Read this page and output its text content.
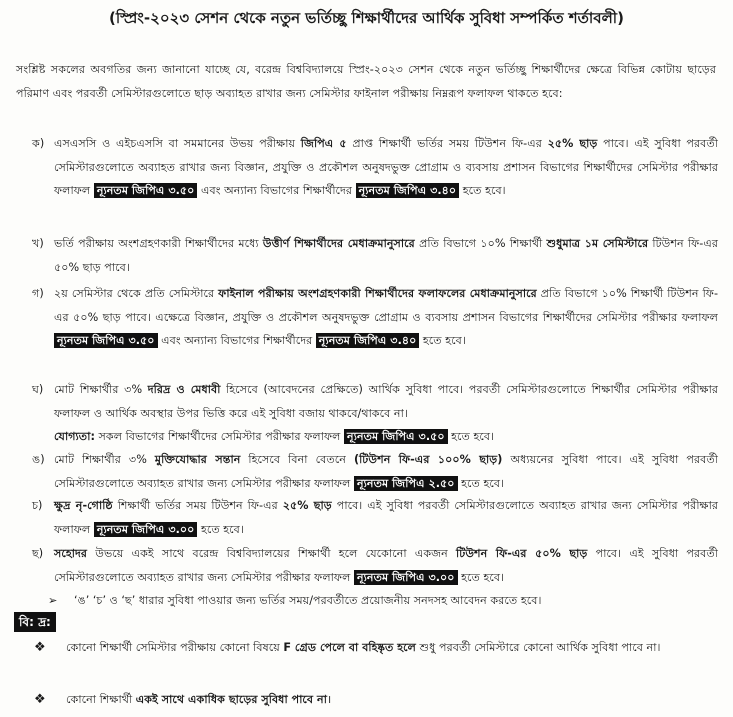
(স্প্রিং-২০২৩ সেশন থেকে নতুন ভর্তিচ্ছু শিক্ষার্থীদের আর্থিক সুবিধা সম্পর্কিত শর্তাবলী)
সংশ্লিষ্ট সকলের অবগতির জন্য জানানো যাচ্ছে যে, বরেন্দ্র বিশ্ববিদ্যালয়ে স্প্রিং-২০২৩ সেশন থেকে নতুন ভর্তিচ্ছু শিক্ষার্থীদের ক্ষেত্রে বিভিন্ন কোটায় ছাড়ের পরিমাণ এবং পরবর্তী সেমিস্টারগুলোতে ছাড় অব্যাহত রাখার জন্য সেমিস্টার ফাইনাল পরীক্ষায় নিম্নরূপ ফলাফল থাকতে হবে:
ক) এসএসসি ও এইচএসসি বা সমমানের উভয় পরীক্ষায় জিপিএ ৫ প্রাপ্ত শিক্ষার্থী ভর্তির সময় টিউশন ফি-এর ২৫% ছাড় পাবে। এই সুবিধা পরবর্তী সেমিস্টারগুলোতে অব্যাহত রাখার জন্য বিজ্ঞান, প্রযুক্তি ও প্রকৌশল অনুষদভুক্ত প্রোগ্রাম ও ব্যবসায় প্রশাসন বিভাগের শিক্ষার্থীদের সেমিস্টার পরীক্ষার ফলাফল ন্যূনতম জিপিএ ৩.৫০ এবং অন্যান্য বিভাগের শিক্ষার্থীদের ন্যূনতম জিপিএ ৩.৪০ হতে হবে।
খ) ভর্তি পরীক্ষায় অংশগ্রহণকারী শিক্ষার্থীদের মধ্যে উত্তীর্ণ শিক্ষার্থীদের মেধাক্রমানুসারে প্রতি বিভাগে ১০% শিক্ষার্থী শুধুমাত্র ১ম সেমিস্টারে টিউশন ফি-এর ৫০% ছাড় পাবে।
গ) ২য় সেমিস্টার থেকে প্রতি সেমিস্টারে ফাইনাল পরীক্ষায় অংশগ্রহণকারী শিক্ষার্থীদের ফলাফলের মেধাক্রমানুসারে প্রতি বিভাগে ১০% শিক্ষার্থী টিউশন ফি-এর ৫০% ছাড় পাবে। এক্ষেত্রে বিজ্ঞান, প্রযুক্তি ও প্রকৌশল অনুষদভুক্ত প্রোগ্রাম ও ব্যবসায় প্রশাসন বিভাগের শিক্ষার্থীদের সেমিস্টার পরীক্ষার ফলাফল ন্যূনতম জিপিএ ৩.৫০ এবং অন্যান্য বিভাগের শিক্ষার্থীদের ন্যূনতম জিপিএ ৩.৪০ হতে হবে।
ঘ) মোট শিক্ষার্থীর ৩% দরিদ্র ও মেধাবী হিসেবে (আবেদনের প্রেক্ষিতে) আর্থিক সুবিধা পাবে। পরবর্তী সেমিস্টারগুলোতে শিক্ষার্থীর সেমিস্টার পরীক্ষার ফলাফল ও আর্থিক অবস্থার উপর ভিত্তি করে এই সুবিধা বজায় থাকবে/থাকবে না।
যোগ্যতা: সকল বিভাগের শিক্ষার্থীদের সেমিস্টার পরীক্ষার ফলাফল ন্যূনতম জিপিএ ৩.৫০ হতে হবে।
ঙ) মোট শিক্ষার্থীর ৩% মুক্তিযোদ্ধার সন্তান হিসেবে বিনা বেতনে (টিউশন ফি-এর ১০০% ছাড়) অধ্যয়নের সুবিধা পাবে। এই সুবিধা পরবর্তী সেমিস্টারগুলোতে অব্যাহত রাখার জন্য সেমিস্টার পরীক্ষার ফলাফল ন্যূনতম জিপিএ ২.৫০ হতে হবে।
চ) ক্ষুদ্র নৃ-গোষ্ঠি শিক্ষার্থী ভর্তির সময় টিউশন ফি-এর ২৫% ছাড় পাবে। এই সুবিধা পরবর্তী সেমিস্টারগুলোতে অব্যাহত রাখার জন্য সেমিস্টার পরীক্ষার ফলাফল ন্যূনতম জিপিএ ৩.০০ হতে হবে।
ছ) সহোদর উভয়ে একই সাথে বরেন্দ্র বিশ্ববিদ্যালয়ের শিক্ষার্থী হলে যেকোনো একজন টিউশন ফি-এর ৫০% ছাড় পাবে। এই সুবিধা পরবর্তী সেমিস্টারগুলোতে অব্যাহত রাখার জন্য সেমিস্টার পরীক্ষার ফলাফল ন্যূনতম জিপিএ ৩.০০ হতে হবে।
➢ ‘ঙ’ ‘চ’ ও ‘ছ’ ধারার সুবিধা পাওয়ার জন্য ভর্তির সময়/পরবর্তীতে প্রয়োজনীয় সনদসহ আবেদন করতে হবে।
বি: দ্র:
❖ কোনো শিক্ষার্থী সেমিস্টার পরীক্ষায় কোনো বিষয়ে F গ্রেড পেলে বা বহিষ্কৃত হলে শুধু পরবর্তী সেমিস্টারে কোনো আর্থিক সুবিধা পাবে না।
❖ কোনো শিক্ষার্থী একই সাথে একাধিক ছাড়ের সুবিধা পাবে না।
